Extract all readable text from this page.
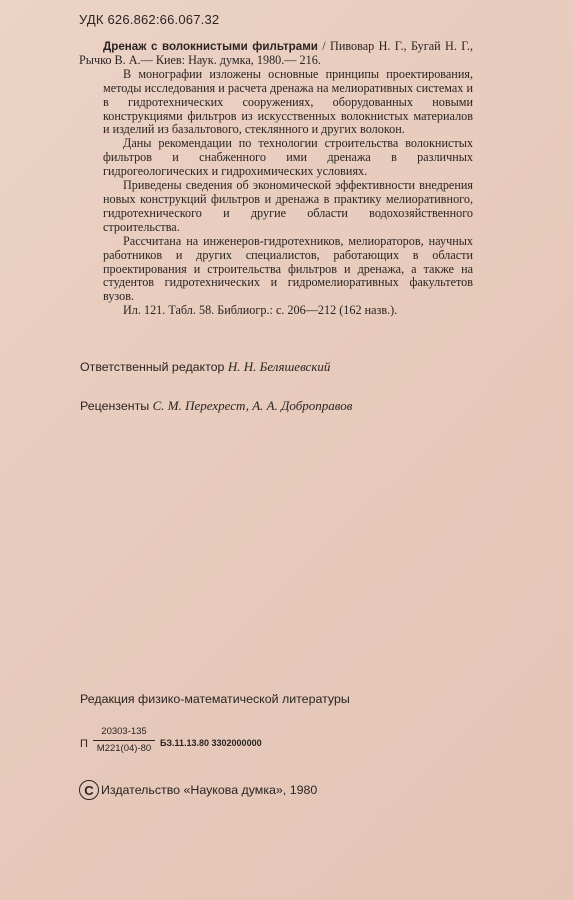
УДК 626.862:66.067.32

Дренаж с волокнистыми фильтрами / Пивовар Н. Г., Бугай Н. Г., Рычко В. А.— Киев: Наук. думка, 1980.— 216.

В монографии изложены основные принципы проектирования, методы исследования и расчета дренажа на мелиоративных системах и в гидротехнических сооружениях, оборудованных новыми конструкциями фильтров из искусственных волокнистых материалов и изделий из базальтового, стеклянного и других волокон.

Даны рекомендации по технологии строительства волокнистых фильтров и снабженного ими дренажа в различных гидрогеологических и гидрохимических условиях.

Приведены сведения об экономической эффективности внедрения новых конструкций фильтров и дренажа в практику мелиоративного, гидротехнического и другие области водохозяйственного строительства.

Рассчитана на инженеров-гидротехников, мелиораторов, научных работников и других специалистов, работающих в области проектирования и строительства фильтров и дренажа, а также на студентов гидротехнических и гидромелиоративных факультетов вузов.

Ил. 121. Табл. 58. Библиогр.: с. 206—212 (162 назв.).

Ответственный редактор Н. Н. Беляшевский
Рецензенты С. М. Перехрест, А. А. Доброправов
Редакция физико-математической литературы
П
20303-135
М221(04)-80 БЗ.11.13.80 3302000000
C Издательство «Наукова думка», 1980
